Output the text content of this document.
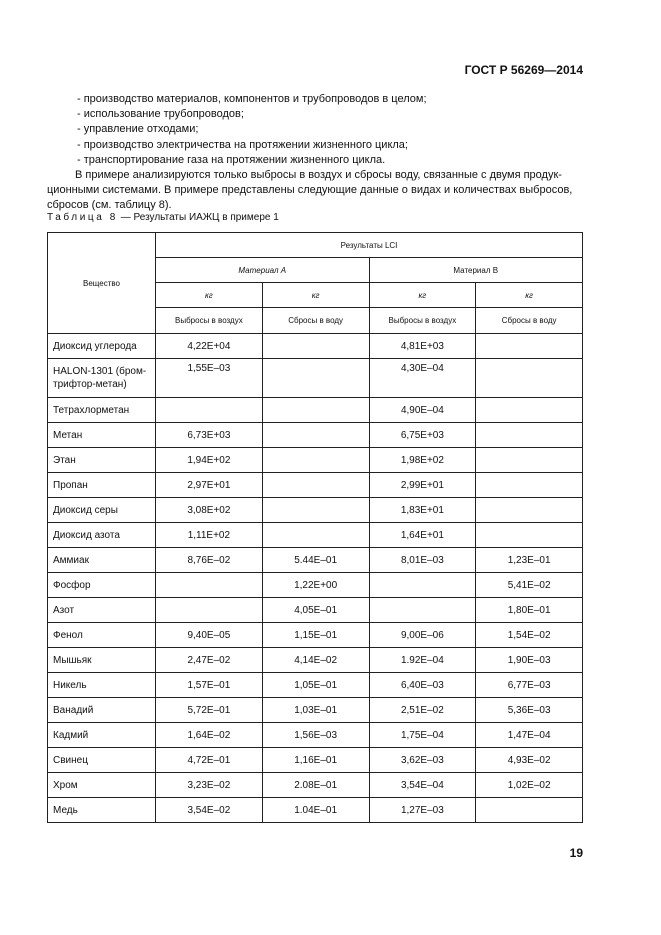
ГОСТ Р 56269—2014

- производство материалов, компонентов и трубопроводов в целом;

- использование трубопроводов;

- управление отходами;

- производство электричества на протяжении жизненного цикла;

- транспортирование газа на протяжении жизненного цикла.

В примере анализируются только выбросы в воздух и сбросы воду, связанные с двумя продук-

ционными системами. В примере представлены следующие данные о видах и количествах выбросов,

сбросов (см. таблицу 8).

Таблица 8 — Результаты ИАЖЦ в примере 1
Вещество	Результаты LCI			
	Материал А		Материал В	
	кг	кг	кг	кг
	Выбросы в воздух	Сбросы в воду	Выбросы в воздух	Сбросы в воду
Диоксид углерода	4,22E+04		4,81E+03	
HALON-1301 (бром-трифтор-метан)	1,55E–03		4,30E–04	
Тетрахлорметан			4,90E–04	
Метан	6,73E+03		6,75E+03	
Этан	1,94E+02		1,98E+02	
Пропан	2,97E+01		2,99E+01	
Диоксид серы	3,08E+02		1,83E+01	
Диоксид азота	1,11E+02		1,64E+01	
Аммиак	8,76E–02	5.44E–01	8,01E–03	1,23E–01
Фосфор		1,22E+00		5,41E–02
Азот		4,05E–01		1,80E–01
Фенол	9,40E–05	1,15E–01	9,00E–06	1,54E–02
Мышьяк	2,47E–02	4,14E–02	1.92E–04	1,90E–03
Никель	1,57E–01	1,05E–01	6,40E–03	6,77E–03
Ванадий	5,72E–01	1,03E–01	2,51E–02	5,36E–03
Кадмий	1,64E–02	1,56E–03	1,75E–04	1,47E–04
Свинец	4,72E–01	1,16E–01	3,62E–03	4,93E–02
Хром	3,23E–02	2.08E–01	3,54E–04	1,02E–02
Медь	3,54E–02	1.04E–01	1,27E–03	
19
